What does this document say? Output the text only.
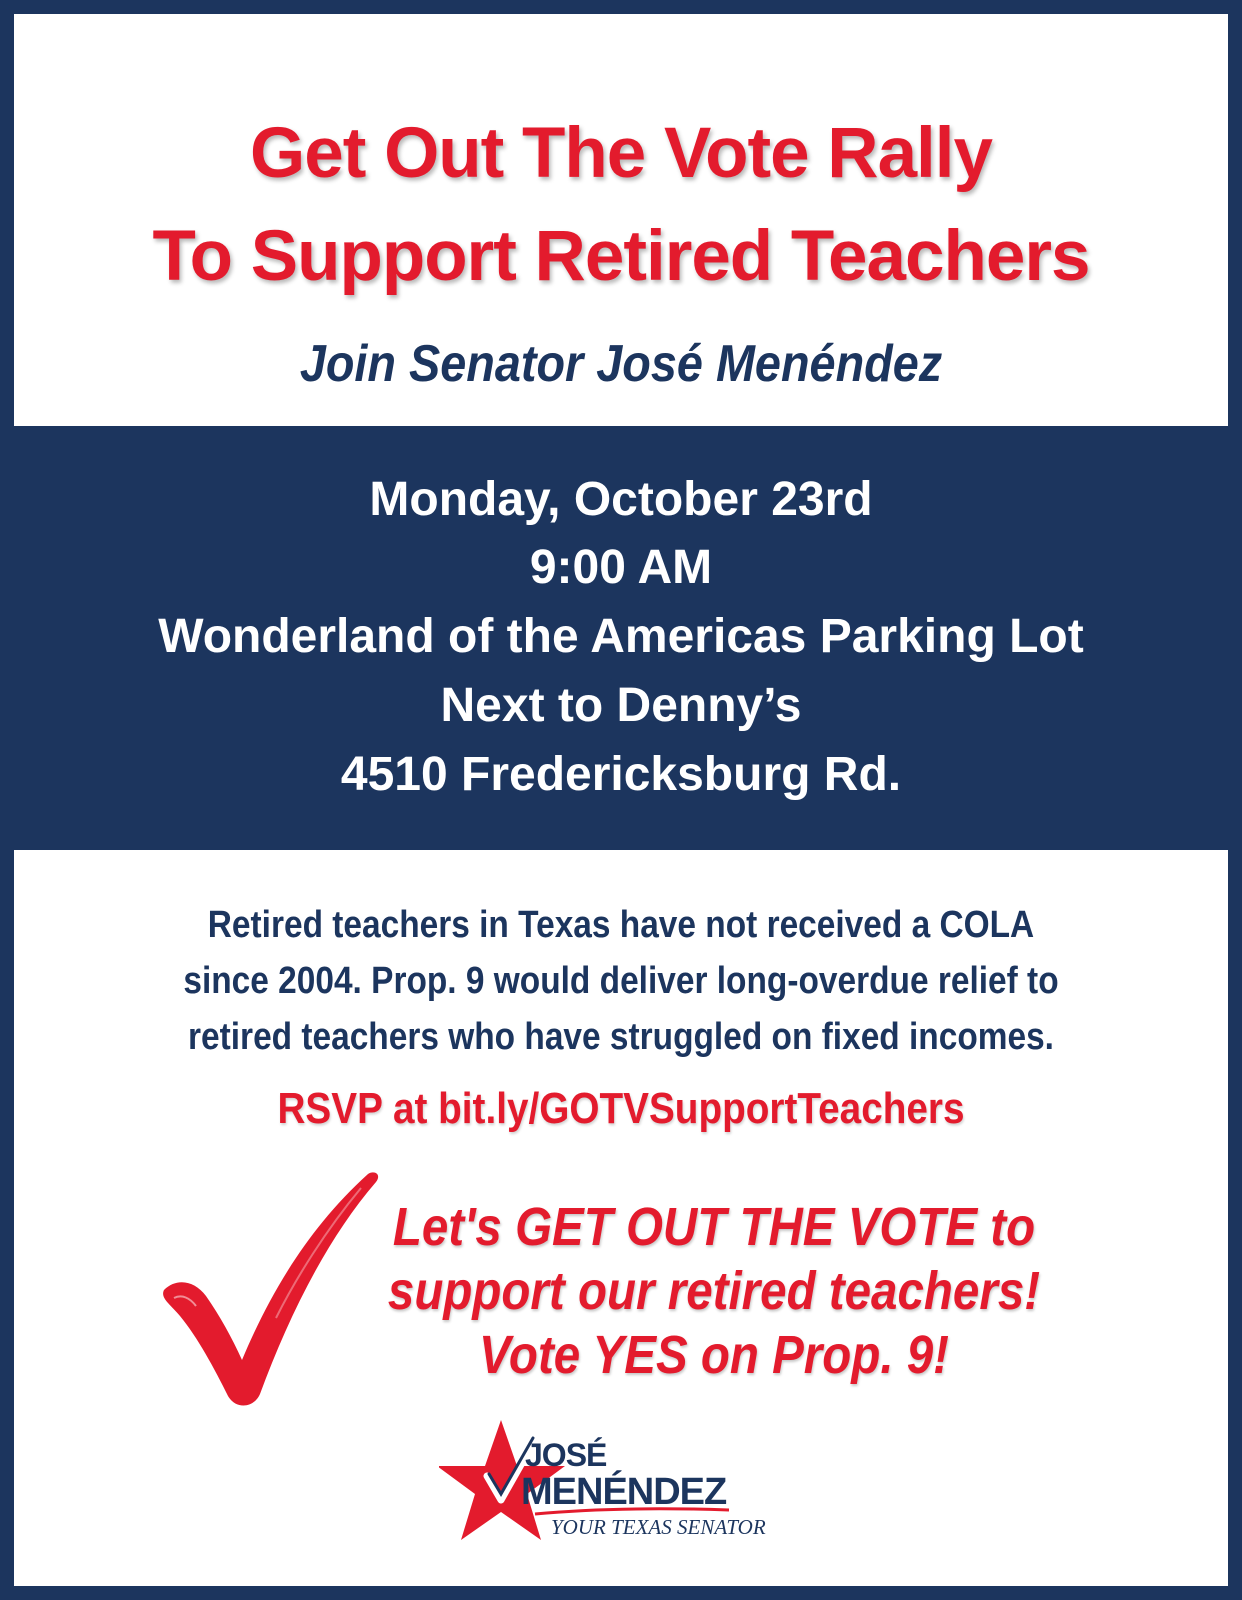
Get Out The Vote Rally
To Support Retired Teachers
Join Senator José Menéndez
Monday, October 23rd
9:00 AM
Wonderland of the Americas Parking Lot
Next to Denny’s
4510 Fredericksburg Rd.

Retired teachers in Texas have not received a COLA
since 2004. Prop. 9 would deliver long-overdue relief to
retired teachers who have struggled on fixed incomes.

RSVP at bit.ly/GOTVSupportTeachers

Let's GET OUT THE VOTE to
support our retired teachers!
Vote YES on Prop. 9!

JOSÉ
MENÉNDEZ
YOUR TEXAS SENATOR
